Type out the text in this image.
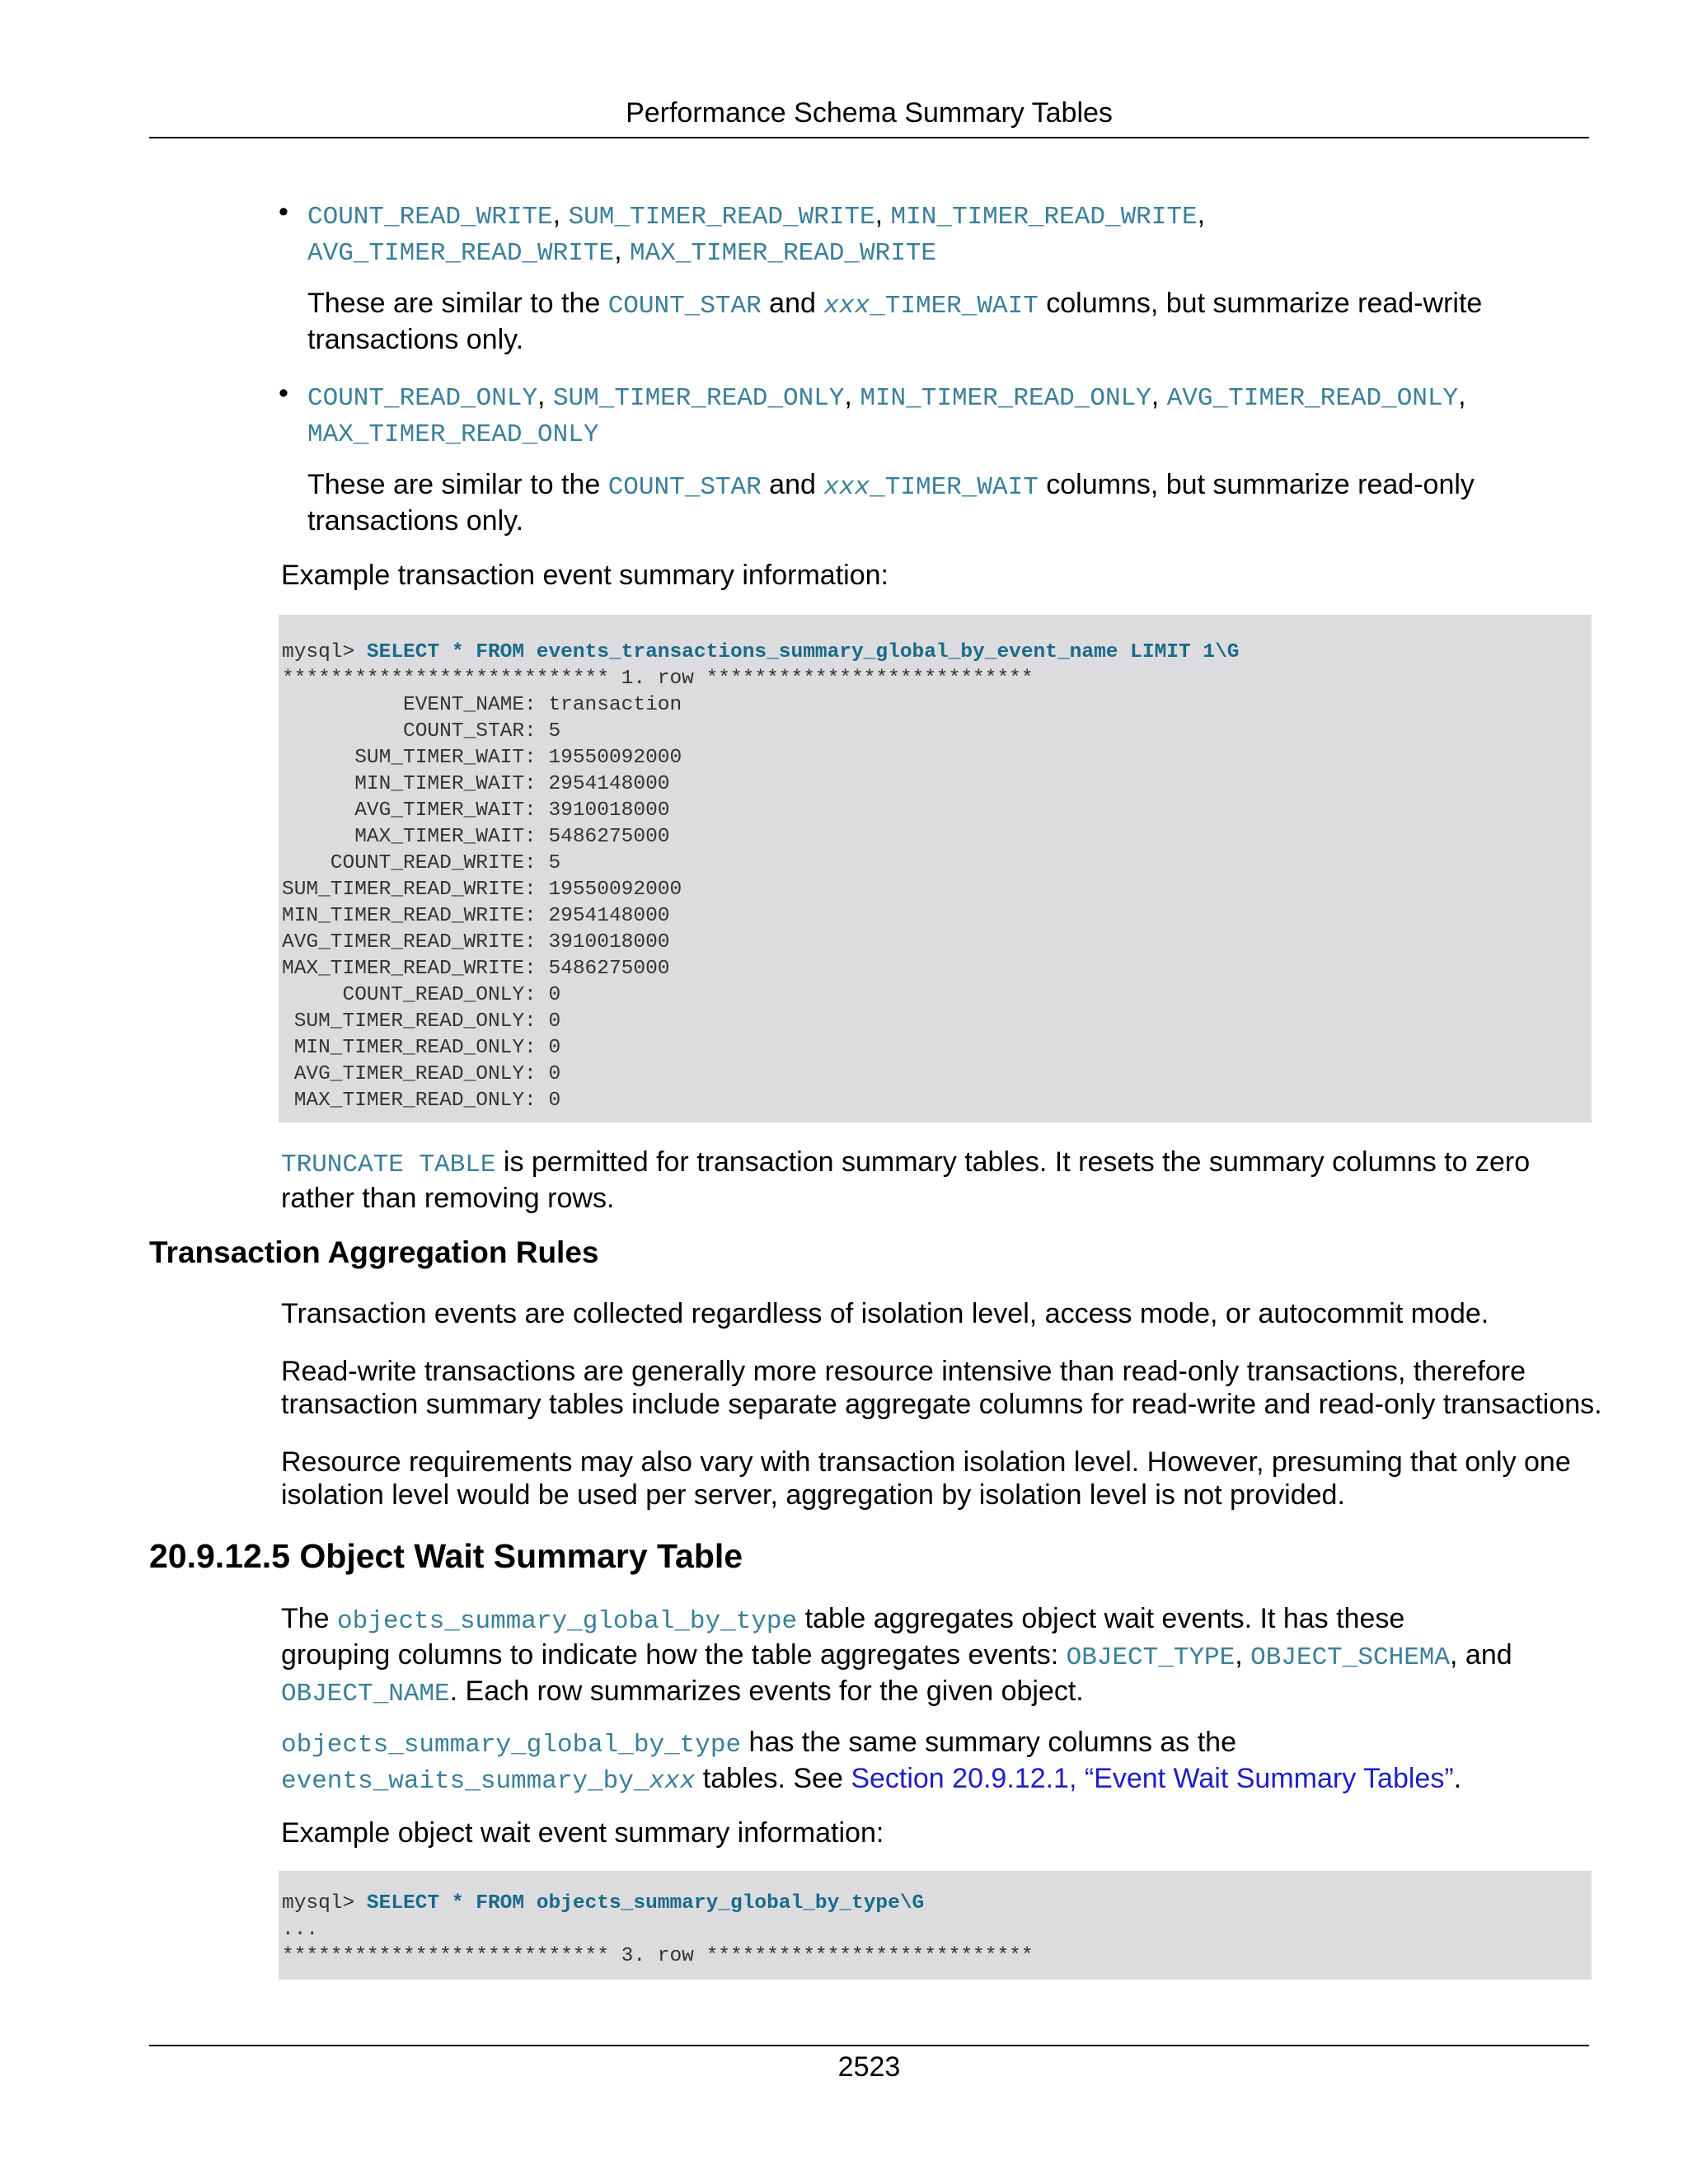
Performance Schema Summary Tables
• COUNT_READ_WRITE, SUM_TIMER_READ_WRITE, MIN_TIMER_READ_WRITE,
AVG_TIMER_READ_WRITE, MAX_TIMER_READ_WRITE
These are similar to the COUNT_STAR and xxx_TIMER_WAIT columns, but summarize read-write
transactions only.
• COUNT_READ_ONLY, SUM_TIMER_READ_ONLY, MIN_TIMER_READ_ONLY, AVG_TIMER_READ_ONLY,
MAX_TIMER_READ_ONLY
These are similar to the COUNT_STAR and xxx_TIMER_WAIT columns, but summarize read-only
transactions only.
Example transaction event summary information:
mysql> SELECT * FROM events_transactions_summary_global_by_event_name LIMIT 1\G
*************************** 1. row ***************************
EVENT_NAME: transaction
COUNT_STAR: 5
SUM_TIMER_WAIT: 19550092000
MIN_TIMER_WAIT: 2954148000
AVG_TIMER_WAIT: 3910018000
MAX_TIMER_WAIT: 5486275000
COUNT_READ_WRITE: 5
SUM_TIMER_READ_WRITE: 19550092000
MIN_TIMER_READ_WRITE: 2954148000
AVG_TIMER_READ_WRITE: 3910018000
MAX_TIMER_READ_WRITE: 5486275000
COUNT_READ_ONLY: 0
SUM_TIMER_READ_ONLY: 0
MIN_TIMER_READ_ONLY: 0
AVG_TIMER_READ_ONLY: 0
MAX_TIMER_READ_ONLY: 0
TRUNCATE TABLE is permitted for transaction summary tables. It resets the summary columns to zero
rather than removing rows.
Transaction Aggregation Rules
Transaction events are collected regardless of isolation level, access mode, or autocommit mode.
Read-write transactions are generally more resource intensive than read-only transactions, therefore
transaction summary tables include separate aggregate columns for read-write and read-only transactions.
Resource requirements may also vary with transaction isolation level. However, presuming that only one
isolation level would be used per server, aggregation by isolation level is not provided.
20.9.12.5 Object Wait Summary Table
The objects_summary_global_by_type table aggregates object wait events. It has these
grouping columns to indicate how the table aggregates events: OBJECT_TYPE, OBJECT_SCHEMA, and
OBJECT_NAME. Each row summarizes events for the given object.
objects_summary_global_by_type has the same summary columns as the
events_waits_summary_by_xxx tables. See Section 20.9.12.1, “Event Wait Summary Tables”.
Example object wait event summary information:
mysql> SELECT * FROM objects_summary_global_by_type\G
...
*************************** 3. row ***************************
2523
